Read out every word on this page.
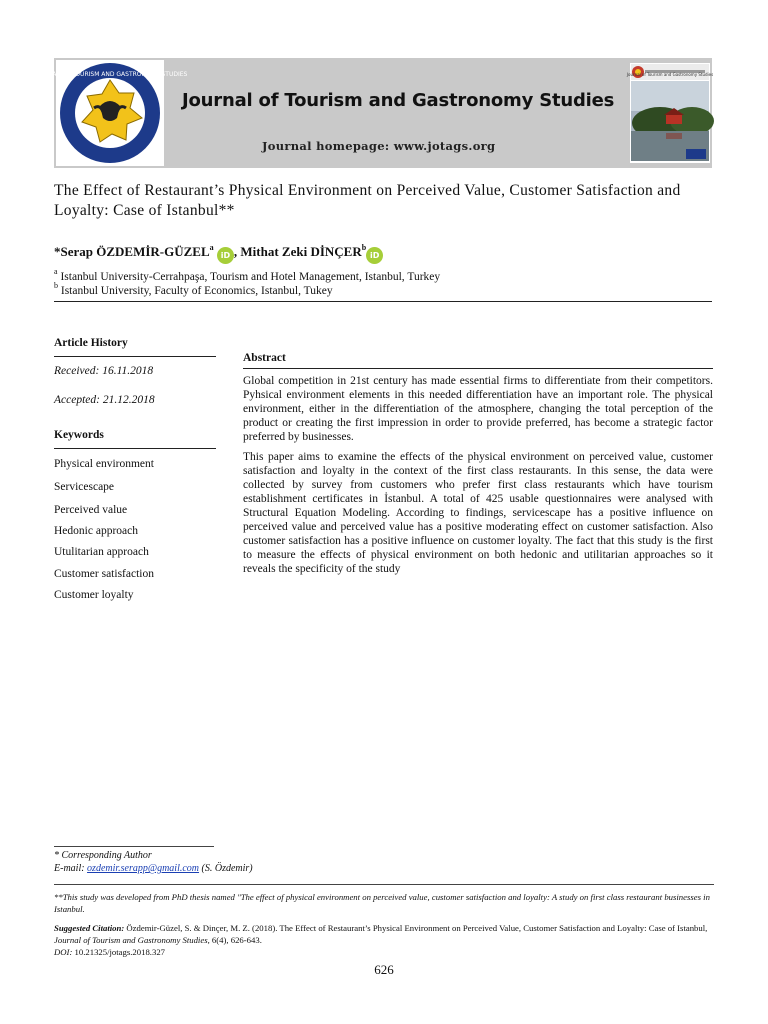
JOURNAL OF TOURISM AND GASTRONOMY STUDIES
Journal of Tourism and Gastronomy Studies
Journal homepage: www.jotags.org
Journal of Tourism and Gastronomy Studies
The Effect of Restaurant’s Physical Environment on Perceived Value, Customer Satisfaction and Loyalty: Case of Istanbul**
*Serap ÖZDEMİR-GÜZEL$^a$ iD , Mithat Zeki DİNÇER$^b$iD
$^a$ Istanbul University-Cerrahpaşa, Tourism and Hotel Management, Istanbul, Turkey
$^b$ Istanbul University, Faculty of Economics, Istanbul, Tukey
Article History
Received: 16.11.2018
Accepted: 21.12.2018
Keywords
Physical environment
Servicescape
Perceived value
Hedonic approach
Utulitarian approach
Customer satisfaction
Customer loyalty
Abstract
Global competition in 21st century has made essential firms to differentiate from their competitors. Pyhsical environment elements in this needed differentiation have an important role. The physical environment, either in the differentiation of the atmosphere, changing the total perception of the product or creating the first impression in order to provide preferred, has become a strategic factor preferred by businesses.
This paper aims to examine the effects of the physical environment on perceived value, customer satisfaction and loyalty in the context of the first class restaurants. In this sense, the data were collected by survey from customers who prefer first class restaurants which have tourism establishment certificates in İstanbul. A total of 425 usable questionnaires were analysed with Structural Equation Modeling. According to findings, servicescape has a positive influence on perceived value and perceived value has a positive moderating effect on customer satisfaction. Also customer satisfaction has a positive influence on customer loyalty. The fact that this study is the first to measure the effects of physical environment on both hedonic and utilitarian approaches so it reveals the specificity of the study
* Corresponding Author
E-mail: ozdemir.serapp@gmail.com (S. Özdemir)
**This study was developed from PhD thesis named "The effect of physical environment on perceived value, customer satisfaction and loyalty: A study on first class restaurant businesses in Istanbul.
Suggested Citation: Özdemir-Güzel, S. & Dinçer, M. Z. (2018). The Effect of Restaurant’s Physical Environment on Perceived Value, Customer Satisfaction and Loyalty: Case of Istanbul, Journal of Tourism and Gastronomy Studies, 6(4), 626-643.
DOI: 10.21325/jotags.2018.327
626
